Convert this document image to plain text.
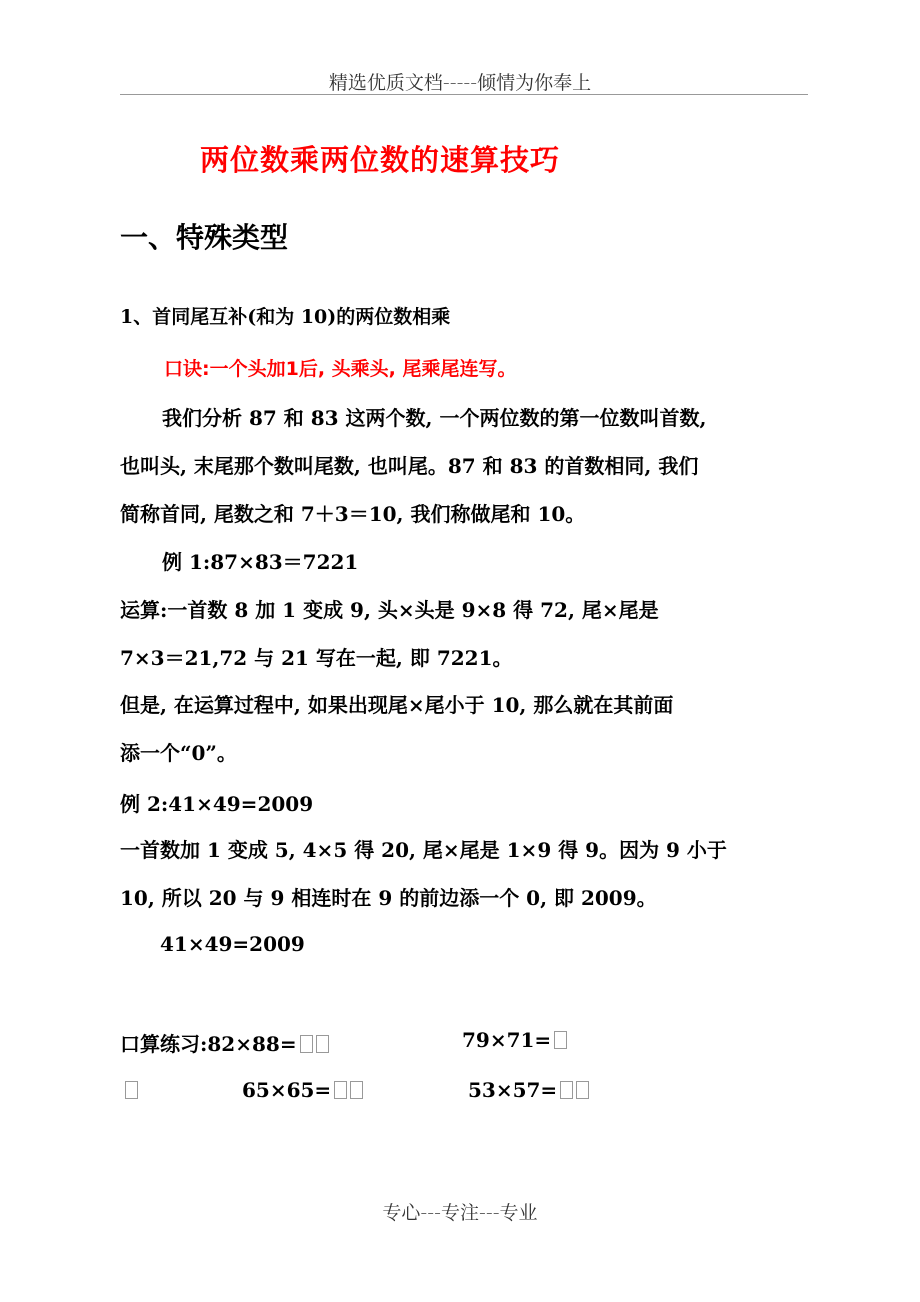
精选优质文档-----倾情为你奉上
两位数乘两位数的速算技巧
一、特殊类型
1、首同尾互补(和为 10)的两位数相乘
口诀:一个头加1后, 头乘头, 尾乘尾连写。
我们分析 87 和 83 这两个数, 一个两位数的第一位数叫首数,
也叫头, 末尾那个数叫尾数, 也叫尾。87 和 83 的首数相同, 我们
简称首同, 尾数之和 7＋3＝10, 我们称做尾和 10。
例 1:87×83＝7221
运算:一首数 8 加 1 变成 9, 头×头是 9×8 得 72, 尾×尾是
7×3＝21,72 与 21 写在一起, 即 7221。
但是, 在运算过程中, 如果出现尾×尾小于 10, 那么就在其前面
添一个“0”。
例 2:41×49=2009
一首数加 1 变成 5, 4×5 得 20, 尾×尾是 1×9 得 9。因为 9 小于
10, 所以 20 与 9 相连时在 9 的前边添一个 0, 即 2009。
41×49=2009
口算练习:82×88=	79×71=
65×65=	53×57=
专心---专注---专业
